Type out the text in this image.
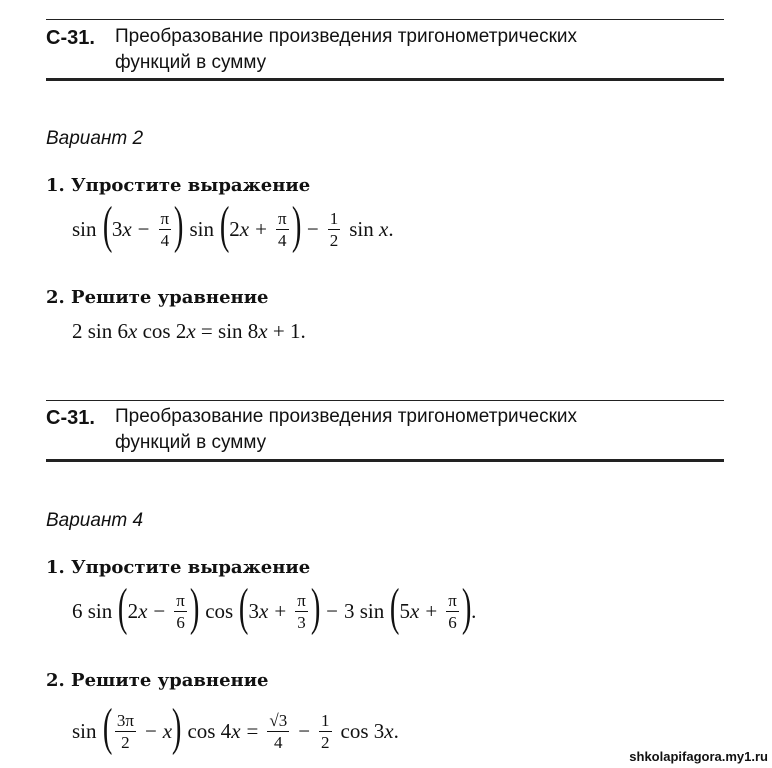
С-31. Преобразование произведения тригонометрических
функций в сумму
Вариант 2
1. Упростите выражение
sin ( $3x - \frac{\pi}{4}$ ) sin ( $2x + \frac{\pi}{4}$ ) − $\frac{1}{2}$ sin x.
2. Решите уравнение
2 sin 6x cos 2x = sin 8x + 1.
С-31. Преобразование произведения тригонометрических
функций в сумму
Вариант 4
1. Упростите выражение
6 sin ( $2x - \frac{\pi}{6}$ ) cos ( $3x + \frac{\pi}{3}$ ) − 3 sin ( $5x + \frac{\pi}{6}$ ) .
2. Решите уравнение
sin ( $\frac{3\pi}{2} - x$ ) $\cos 4x = \frac{√3}{4} - \frac{1}{2}$ cos 3x.
shkolapifagora.my1.ru
